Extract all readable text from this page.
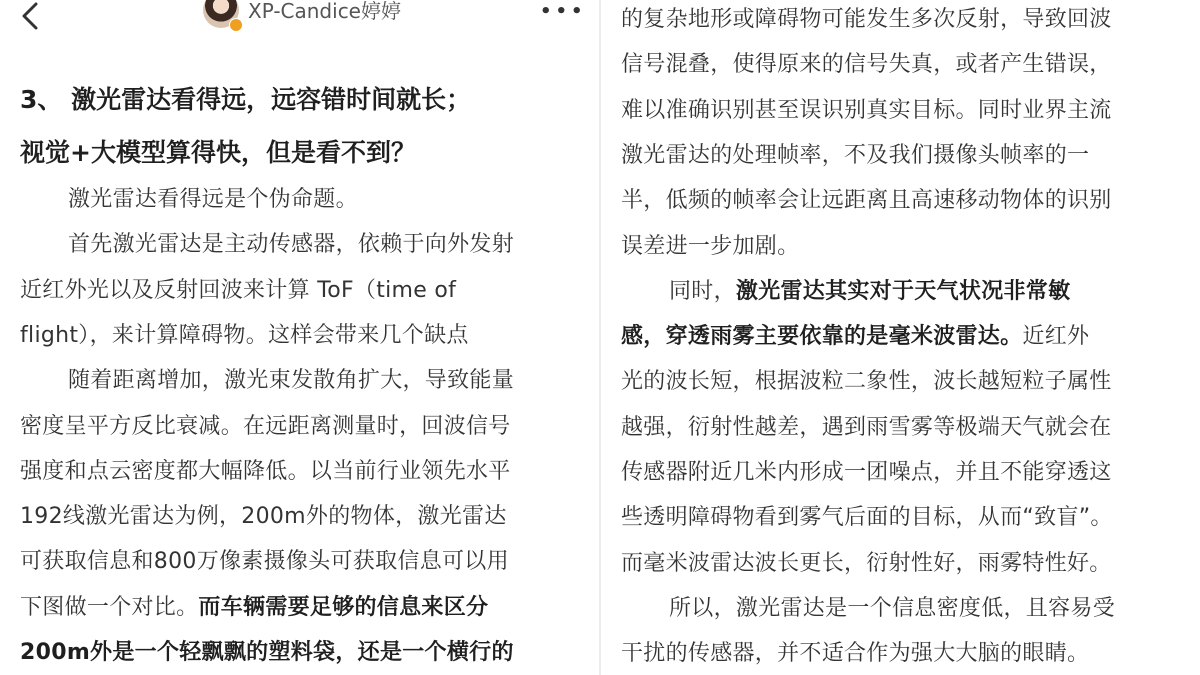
XP-Candice婷婷	•••
3、 激光雷达看得远，远容错时间就长；
视觉+大模型算得快，但是看不到？
激光雷达看得远是个伪命题。
首先激光雷达是主动传感器，依赖于向外发射
近红外光以及反射回波来计算 ToF（time of
flight），来计算障碍物。这样会带来几个缺点
随着距离增加，激光束发散角扩大，导致能量
密度呈平方反比衰减。在远距离测量时，回波信号
强度和点云密度都大幅降低。以当前行业领先水平
192线激光雷达为例，200m外的物体，激光雷达
可获取信息和800万像素摄像头可获取信息可以用
下图做一个对比。而车辆需要足够的信息来区分
200m外是一个轻飘飘的塑料袋，还是一个横行的
的复杂地形或障碍物可能发生多次反射，导致回波
信号混叠，使得原来的信号失真，或者产生错误，
难以准确识别甚至误识别真实目标。同时业界主流
激光雷达的处理帧率，不及我们摄像头帧率的一
半，低频的帧率会让远距离且高速移动物体的识别
误差进一步加剧。
同时，激光雷达其实对于天气状况非常敏
感，穿透雨雾主要依靠的是毫米波雷达。近红外
光的波长短，根据波粒二象性，波长越短粒子属性
越强，衍射性越差，遇到雨雪雾等极端天气就会在
传感器附近几米内形成一团噪点，并且不能穿透这
些透明障碍物看到雾气后面的目标，从而“致盲”。
而毫米波雷达波长更长，衍射性好，雨雾特性好。
所以，激光雷达是一个信息密度低，且容易受
干扰的传感器，并不适合作为强大大脑的眼睛。
